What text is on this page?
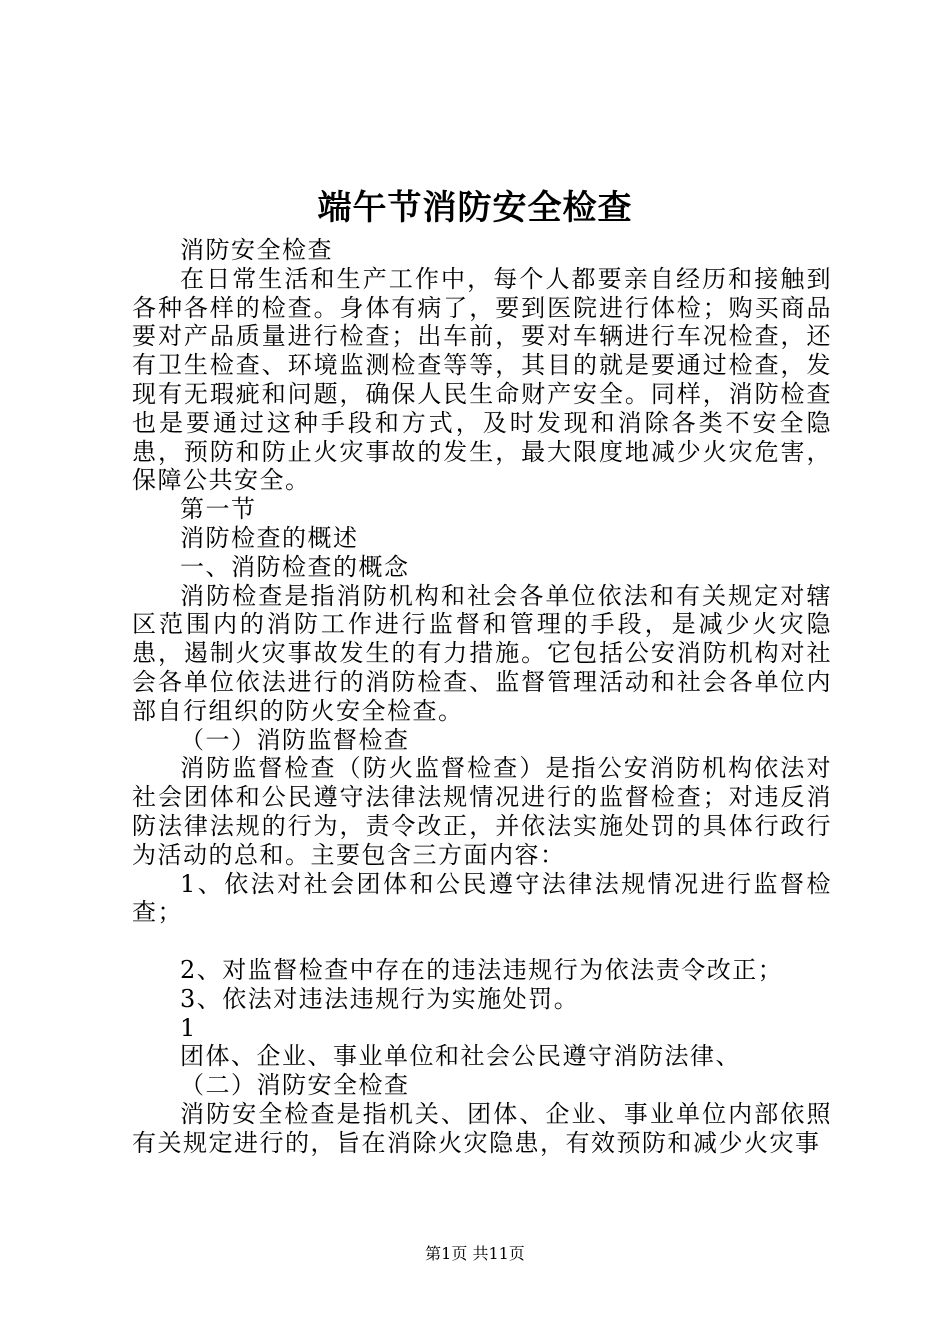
端午节消防安全检查

消防安全检查

在日常生活和生产工作中，每个人都要亲自经历和接触到各种各样的检查。身体有病了，要到医院进行体检；购买商品要对产品质量进行检查；出车前，要对车辆进行车况检查，还有卫生检查、环境监测检查等等，其目的就是要通过检查，发现有无瑕疵和问题，确保人民生命财产安全。同样，消防检查也是要通过这种手段和方式，及时发现和消除各类不安全隐患，预防和防止火灾事故的发生，最大限度地减少火灾危害，保障公共安全。

第一节

消防检查的概述

一、消防检查的概念

消防检查是指消防机构和社会各单位依法和有关规定对辖区范围内的消防工作进行监督和管理的手段，是减少火灾隐患，遏制火灾事故发生的有力措施。它包括公安消防机构对社会各单位依法进行的消防检查、监督管理活动和社会各单位内部自行组织的防火安全检查。

（一）消防监督检查

消防监督检查（防火监督检查）是指公安消防机构依法对社会团体和公民遵守法律法规情况进行的监督检查；对违反消防法律法规的行为，责令改正，并依法实施处罚的具体行政行为活动的总和。主要包含三方面内容：

1、依法对社会团体和公民遵守法律法规情况进行监督检查；

2、对监督检查中存在的违法违规行为依法责令改正；

3、依法对违法违规行为实施处罚。

1

团体、企业、事业单位和社会公民遵守消防法律、

（二）消防安全检查

消防安全检查是指机关、团体、企业、事业单位内部依照有关规定进行的，旨在消除火灾隐患，有效预防和减少火灾事

第1页 共11页
